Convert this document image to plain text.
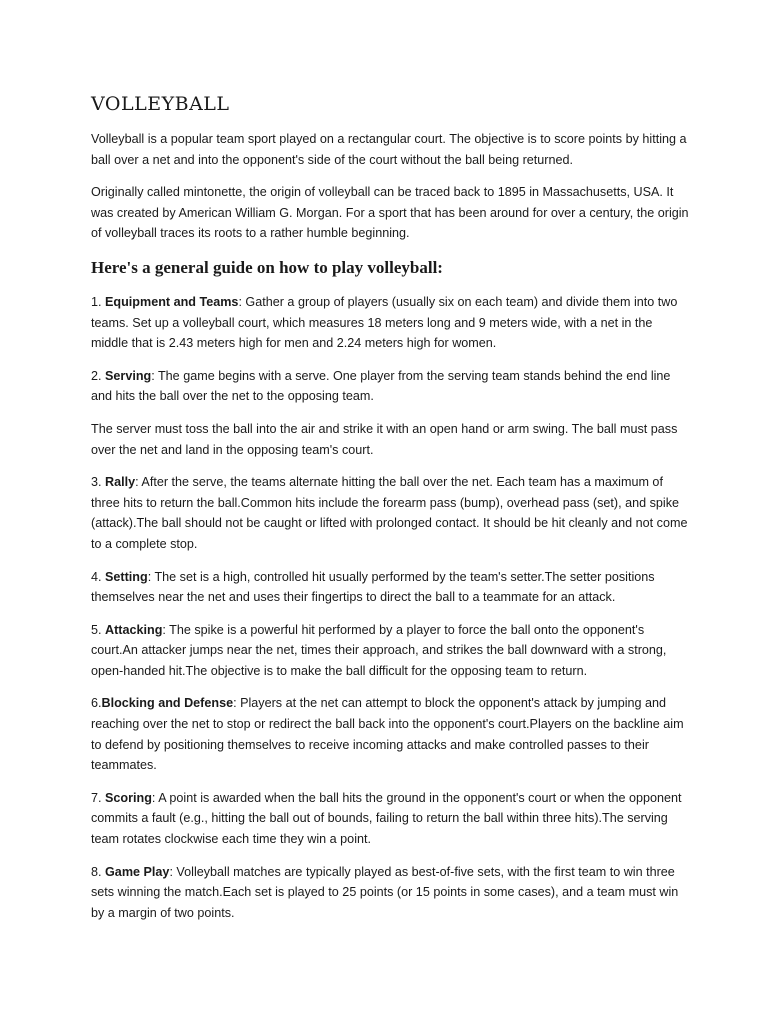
VOLLEYBALL

Volleyball is a popular team sport played on a rectangular court. The objective is to score points by hitting a ball over a net and into the opponent's side of the court without the ball being returned.

Originally called mintonette, the origin of volleyball can be traced back to 1895 in Massachusetts, USA. It was created by American William G. Morgan. For a sport that has been around for over a century, the origin of volleyball traces its roots to a rather humble beginning.

Here's a general guide on how to play volleyball:

1. Equipment and Teams: Gather a group of players (usually six on each team) and divide them into two teams. Set up a volleyball court, which measures 18 meters long and 9 meters wide, with a net in the middle that is 2.43 meters high for men and 2.24 meters high for women.

2. Serving: The game begins with a serve. One player from the serving team stands behind the end line and hits the ball over the net to the opposing team.

The server must toss the ball into the air and strike it with an open hand or arm swing. The ball must pass over the net and land in the opposing team's court.

3. Rally: After the serve, the teams alternate hitting the ball over the net. Each team has a maximum of three hits to return the ball.Common hits include the forearm pass (bump), overhead pass (set), and spike (attack).The ball should not be caught or lifted with prolonged contact. It should be hit cleanly and not come to a complete stop.

4. Setting: The set is a high, controlled hit usually performed by the team's setter.The setter positions themselves near the net and uses their fingertips to direct the ball to a teammate for an attack.

5. Attacking: The spike is a powerful hit performed by a player to force the ball onto the opponent's court.An attacker jumps near the net, times their approach, and strikes the ball downward with a strong, open-handed hit.The objective is to make the ball difficult for the opposing team to return.

6.Blocking and Defense: Players at the net can attempt to block the opponent's attack by jumping and reaching over the net to stop or redirect the ball back into the opponent's court.Players on the backline aim to defend by positioning themselves to receive incoming attacks and make controlled passes to their teammates.

7. Scoring: A point is awarded when the ball hits the ground in the opponent's court or when the opponent commits a fault (e.g., hitting the ball out of bounds, failing to return the ball within three hits).The serving team rotates clockwise each time they win a point.

8. Game Play: Volleyball matches are typically played as best-of-five sets, with the first team to win three sets winning the match.Each set is played to 25 points (or 15 points in some cases), and a team must win by a margin of two points.
